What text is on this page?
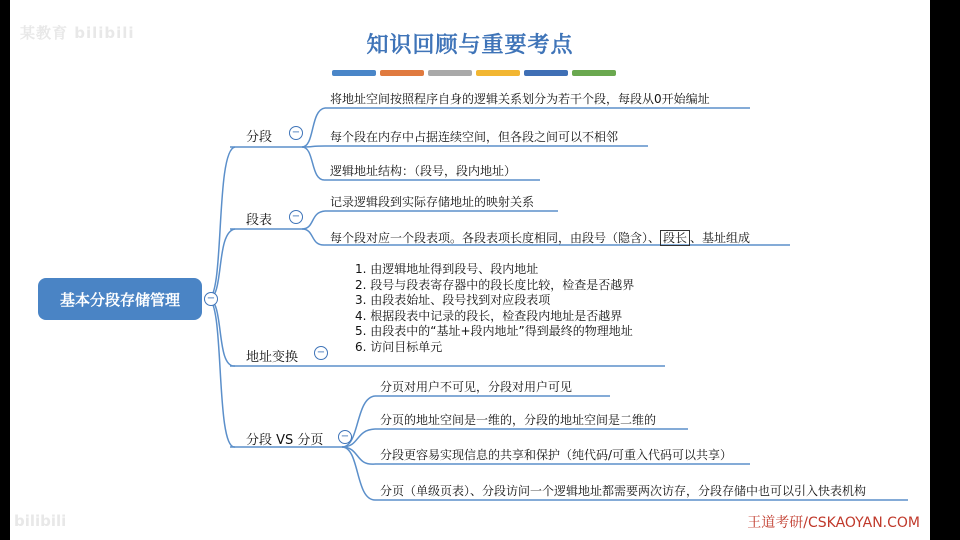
某教育 bilibili
bilibili
知识回顾与重要考点
基本分段存储管理	−
分段 −
将地址空间按照程序自身的逻辑关系划分为若干个段，每段从0开始编址
每个段在内存中占据连续空间，但各段之间可以不相邻
逻辑地址结构：（段号，段内地址）
段表 −
记录逻辑段到实际存储地址的映射关系
每个段对应一个段表项。各段表项长度相同，由段号（隐含）、 段长 、基址组成
地址变换 −
1. 由逻辑地址得到段号、段内地址
2. 段号与段表寄存器中的段长度比较，检查是否越界
3. 由段表始址、段号找到对应段表项
4. 根据段表中记录的段长，检查段内地址是否越界
5. 由段表中的“基址+段内地址”得到最终的物理地址
6. 访问目标单元
分段 VS 分页 −
分页对用户不可见，分段对用户可见
分页的地址空间是一维的，分段的地址空间是二维的
分段更容易实现信息的共享和保护（纯代码/可重入代码可以共享）
分页（单级页表）、分段访问一个逻辑地址都需要两次访存，分段存储中也可以引入快表机构
王道考研/CSKAOYAN.COM
